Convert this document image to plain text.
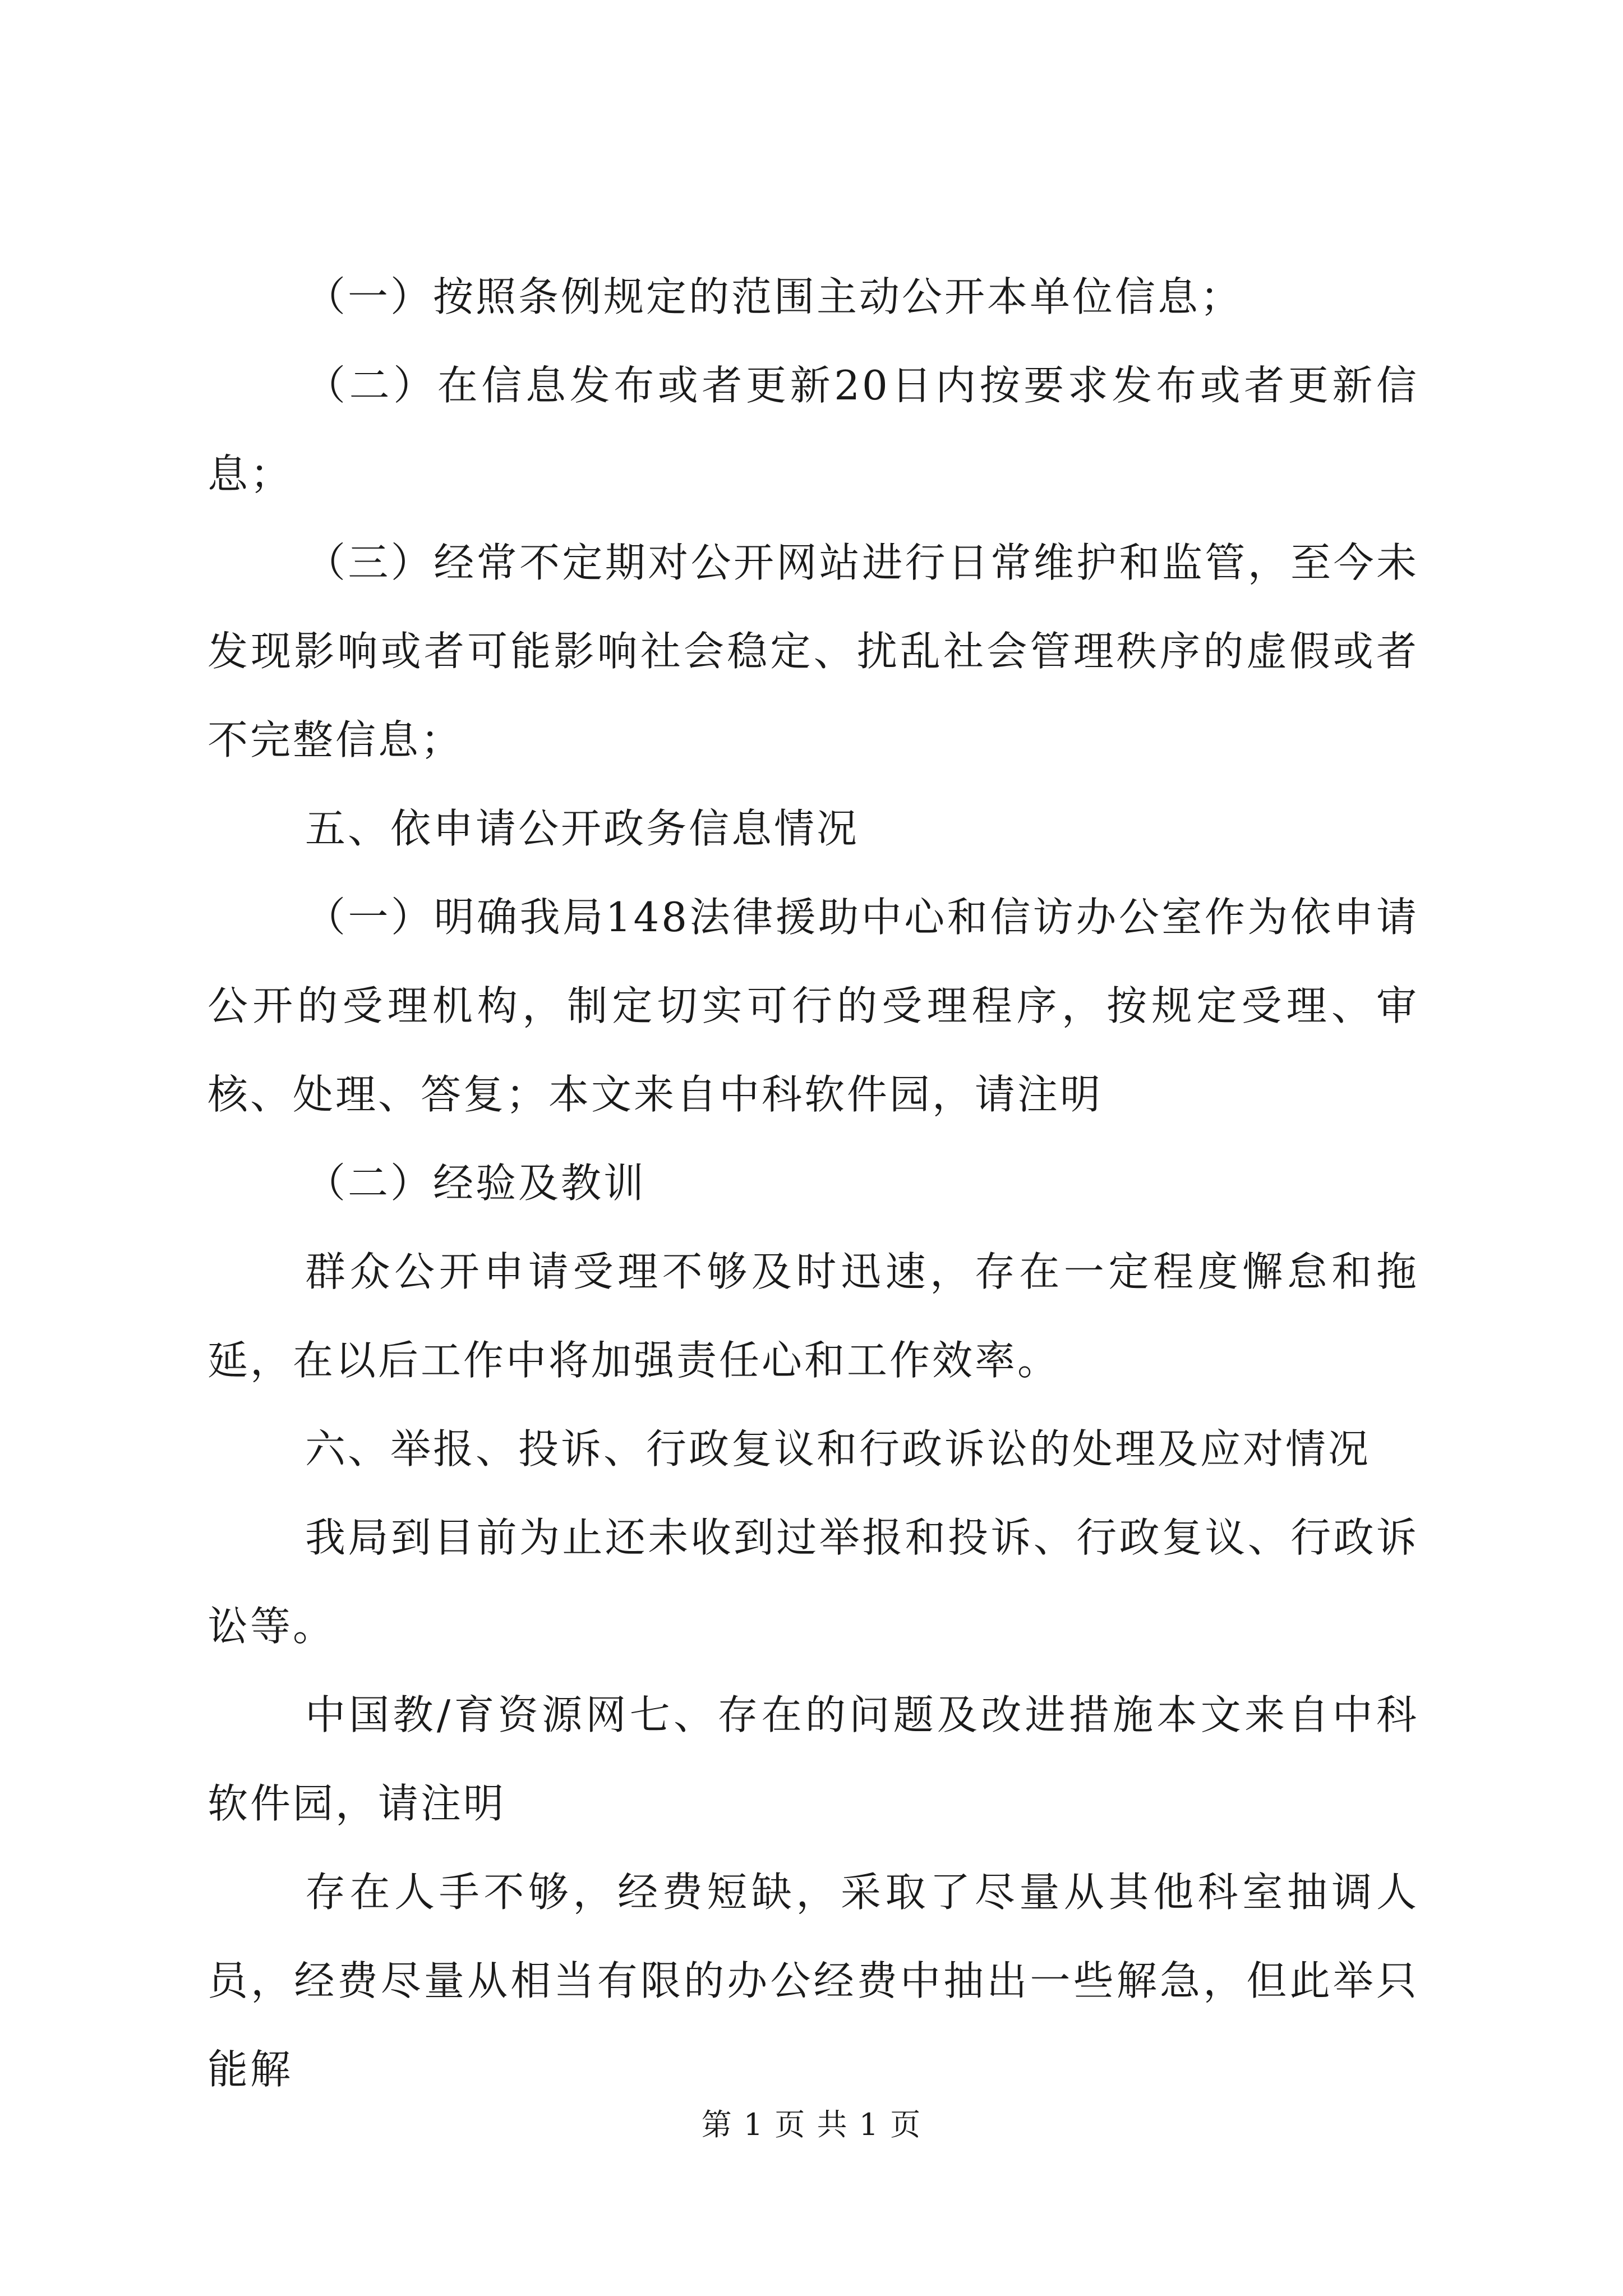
（一）按照条例规定的范围主动公开本单位信息；

（二）在信息发布或者更新20日内按要求发布或者更新信息；

（三）经常不定期对公开网站进行日常维护和监管，至今未发现影响或者可能影响社会稳定、扰乱社会管理秩序的虚假或者不完整信息；

五、依申请公开政务信息情况

（一）明确我局148法律援助中心和信访办公室作为依申请公开的受理机构，制定切实可行的受理程序，按规定受理、审核、处理、答复；本文来自中科软件园，请注明

（二）经验及教训

群众公开申请受理不够及时迅速，存在一定程度懈怠和拖延，在以后工作中将加强责任心和工作效率。

六、举报、投诉、行政复议和行政诉讼的处理及应对情况

我局到目前为止还未收到过举报和投诉、行政复议、行政诉讼等。

中国教/育资源网七、存在的问题及改进措施本文来自中科软件园，请注明

存在人手不够，经费短缺，采取了尽量从其他科室抽调人员，经费尽量从相当有限的办公经费中抽出一些解急，但此举只能解

第 1 页 共 1 页
